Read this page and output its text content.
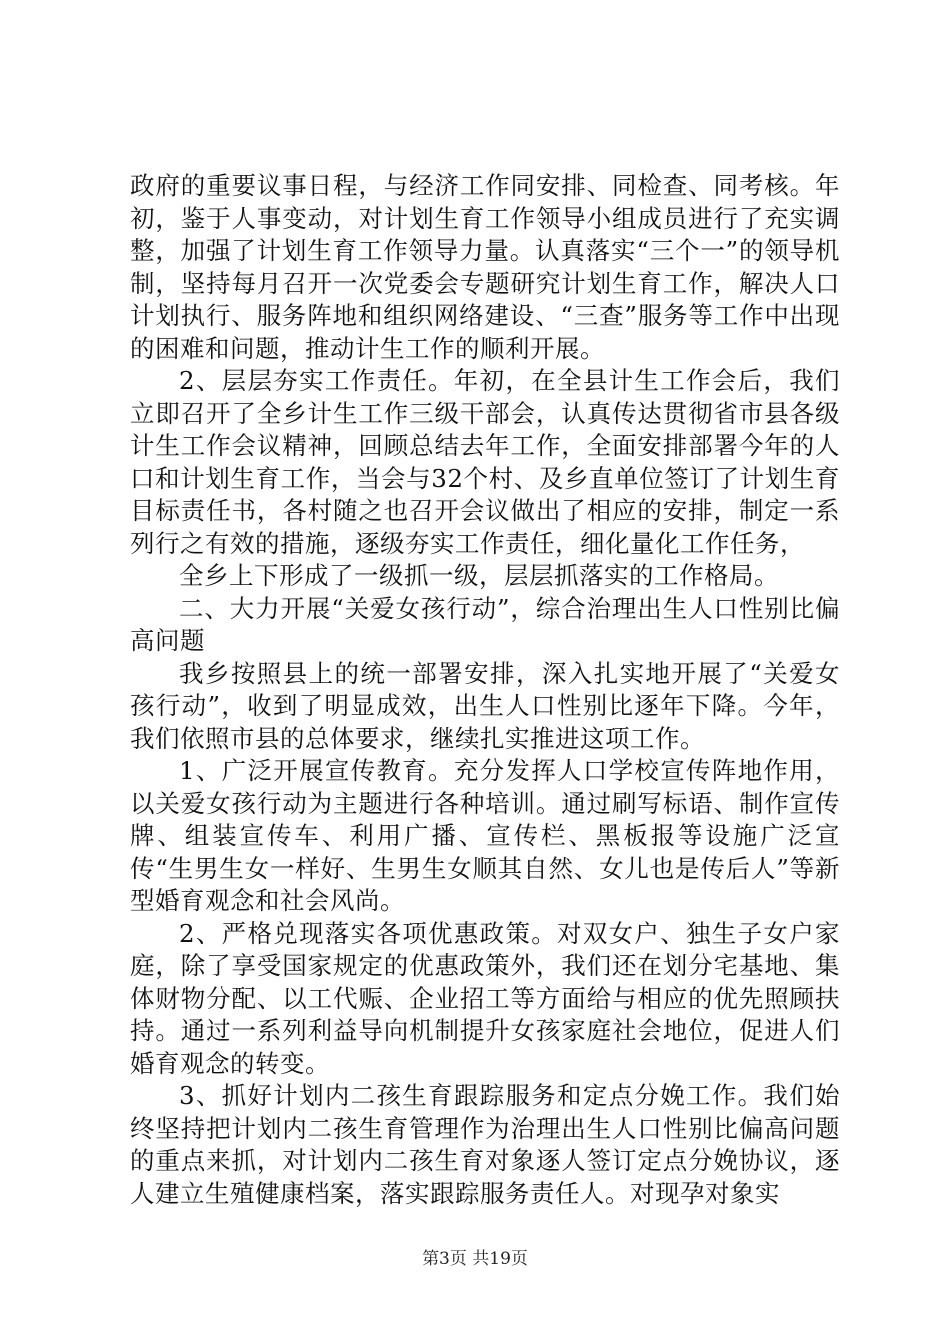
政府的重要议事日程，与经济工作同安排、同检查、同考核。年初，鉴于人事变动，对计划生育工作领导小组成员进行了充实调整，加强了计划生育工作领导力量。认真落实“三个一”的领导机制，坚持每月召开一次党委会专题研究计划生育工作，解决人口计划执行、服务阵地和组织网络建设、“三查”服务等工作中出现的困难和问题，推动计生工作的顺利开展。

2、层层夯实工作责任。年初，在全县计生工作会后，我们立即召开了全乡计生工作三级干部会，认真传达贯彻省市县各级计生工作会议精神，回顾总结去年工作，全面安排部署今年的人口和计划生育工作，当会与32个村、及乡直单位签订了计划生育目标责任书，各村随之也召开会议做出了相应的安排，制定一系列行之有效的措施，逐级夯实工作责任，细化量化工作任务，

全乡上下形成了一级抓一级，层层抓落实的工作格局。

二、大力开展“关爱女孩行动”，综合治理出生人口性别比偏高问题

我乡按照县上的统一部署安排，深入扎实地开展了“关爱女孩行动”，收到了明显成效，出生人口性别比逐年下降。今年，我们依照市县的总体要求，继续扎实推进这项工作。

1、广泛开展宣传教育。充分发挥人口学校宣传阵地作用，以关爱女孩行动为主题进行各种培训。通过刷写标语、制作宣传牌、组装宣传车、利用广播、宣传栏、黑板报等设施广泛宣传“生男生女一样好、生男生女顺其自然、女儿也是传后人”等新型婚育观念和社会风尚。

2、严格兑现落实各项优惠政策。对双女户、独生子女户家庭，除了享受国家规定的优惠政策外，我们还在划分宅基地、集体财物分配、以工代赈、企业招工等方面给与相应的优先照顾扶持。通过一系列利益导向机制提升女孩家庭社会地位，促进人们婚育观念的转变。

3、抓好计划内二孩生育跟踪服务和定点分娩工作。我们始终坚持把计划内二孩生育管理作为治理出生人口性别比偏高问题的重点来抓，对计划内二孩生育对象逐人签订定点分娩协议，逐人建立生殖健康档案，落实跟踪服务责任人。对现孕对象实

第3页 共19页
